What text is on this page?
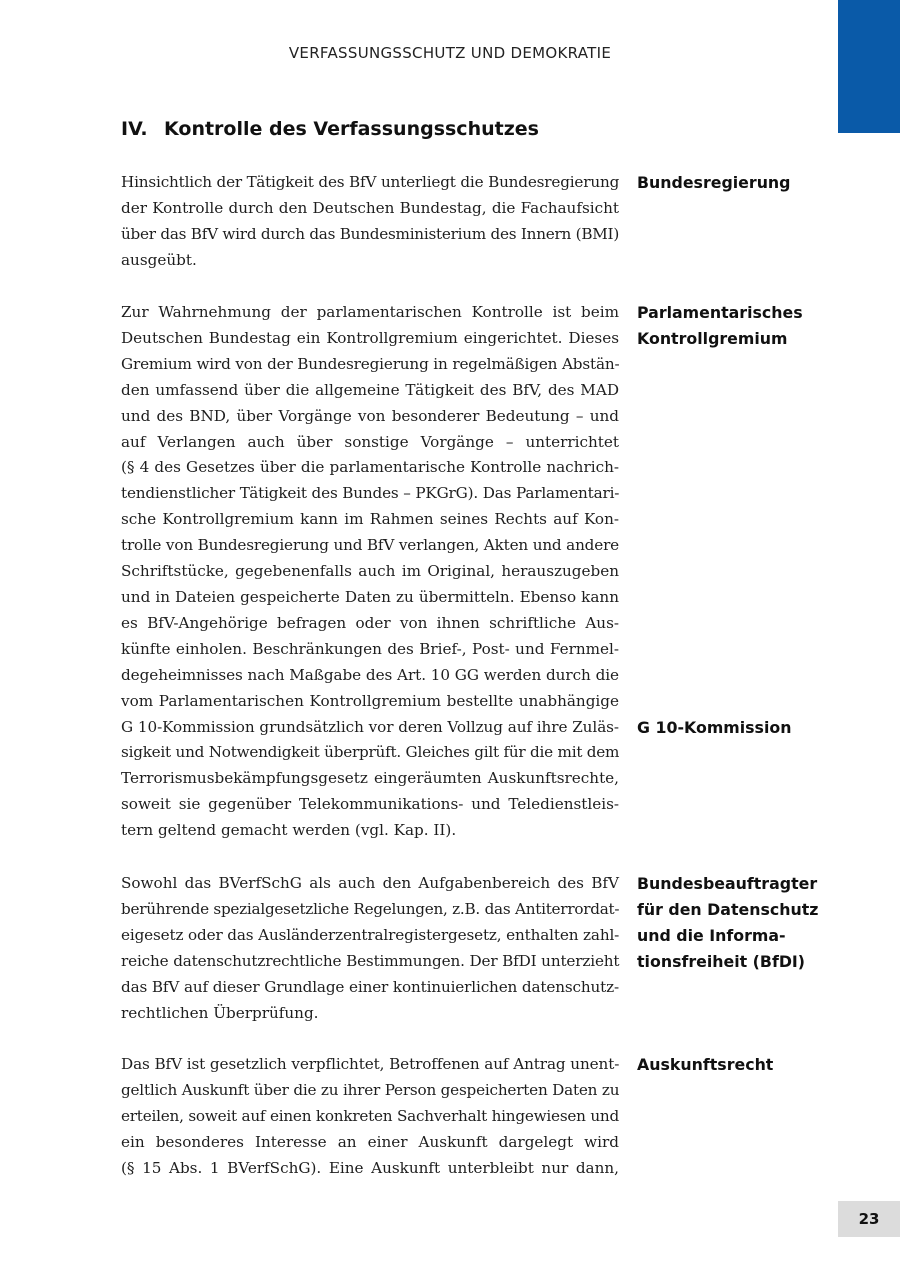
VERFASSUNGSSCHUTZ UND DEMOKRATIE
IV. Kontrolle des Verfassungsschutzes
Hinsichtlich der Tätigkeit des BfV unterliegt die Bundesregierung
der Kontrolle durch den Deutschen Bundestag, die Fachaufsicht
über das BfV wird durch das Bundesministerium des Innern (BMI)
ausgeübt.
Zur Wahrnehmung der parlamentarischen Kontrolle ist beim
Deutschen Bundestag ein Kontrollgremium eingerichtet. Dieses
Gremium wird von der Bundesregierung in regelmäßigen Abstän-
den umfassend über die allgemeine Tätigkeit des BfV, des MAD
und des BND, über Vorgänge von besonderer Bedeutung – und
auf Verlangen auch über sonstige Vorgänge – unterrichtet
(§ 4 des Gesetzes über die parlamentarische Kontrolle nachrich-
tendienstlicher Tätigkeit des Bundes – PKGrG). Das Parlamentari-
sche Kontrollgremium kann im Rahmen seines Rechts auf Kon-
trolle von Bundesregierung und BfV verlangen, Akten und andere
Schriftstücke, gegebenenfalls auch im Original, herauszugeben
und in Dateien gespeicherte Daten zu übermitteln. Ebenso kann
es BfV-Angehörige befragen oder von ihnen schriftliche Aus-
künfte einholen. Beschränkungen des Brief-, Post- und Fernmel-
degeheimnisses nach Maßgabe des Art. 10 GG werden durch die
vom Parlamentarischen Kontrollgremium bestellte unabhängige
G 10-Kommission grundsätzlich vor deren Vollzug auf ihre Zuläs-
sigkeit und Notwendigkeit überprüft. Gleiches gilt für die mit dem
Terrorismusbekämpfungsgesetz eingeräumten Auskunftsrechte,
soweit sie gegenüber Telekommunikations- und Teledienstleis-
tern geltend gemacht werden (vgl. Kap. II).
Sowohl das BVerfSchG als auch den Aufgabenbereich des BfV
berührende spezialgesetzliche Regelungen, z.B. das Antiterrordat-
eigesetz oder das Ausländerzentralregistergesetz, enthalten zahl-
reiche datenschutzrechtliche Bestimmungen. Der BfDI unterzieht
das BfV auf dieser Grundlage einer kontinuierlichen datenschutz-
rechtlichen Überprüfung.
Das BfV ist gesetzlich verpflichtet, Betroffenen auf Antrag unent-
geltlich Auskunft über die zu ihrer Person gespeicherten Daten zu
erteilen, soweit auf einen konkreten Sachverhalt hingewiesen und
ein besonderes Interesse an einer Auskunft dargelegt wird
(§ 15 Abs. 1 BVerfSchG). Eine Auskunft unterbleibt nur dann,
Bundesregierung
Parlamentarisches
Kontrollgremium
G 10-Kommission
Bundesbeauftragter
für den Datenschutz
und die Informa-
tionsfreiheit (BfDI)
Auskunftsrecht
23
